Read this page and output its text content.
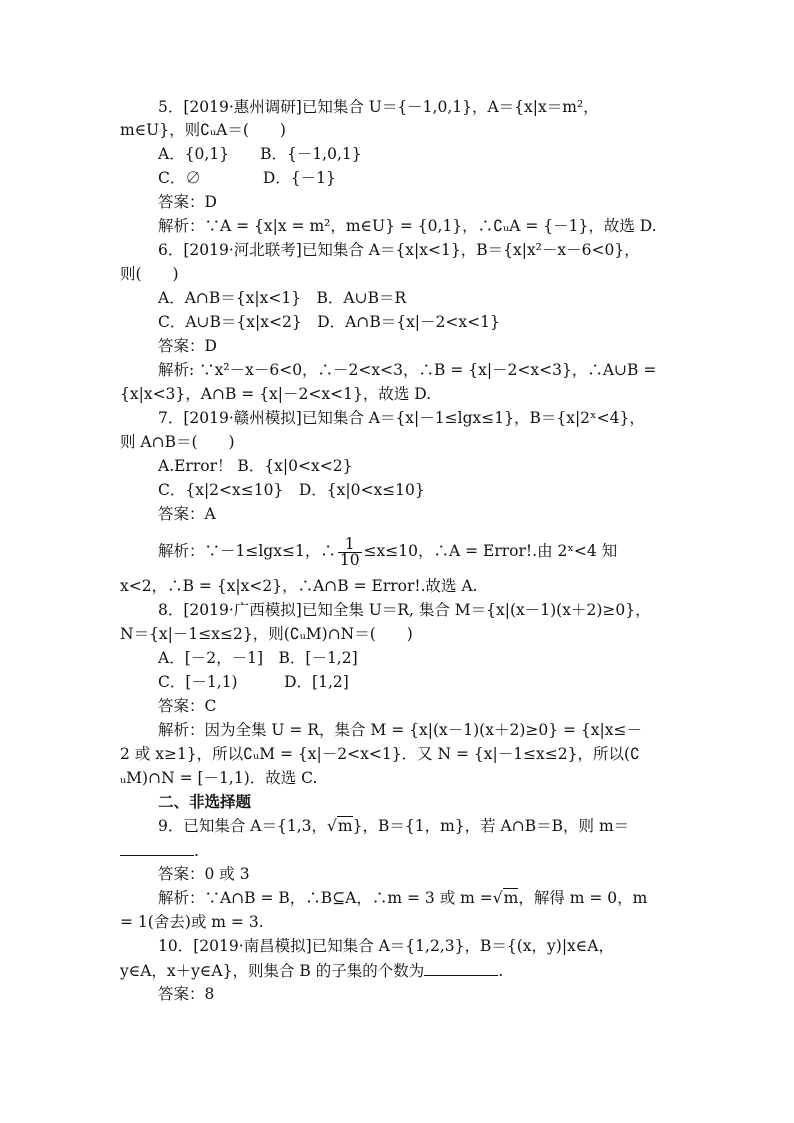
5．[2019·惠州调研]已知集合 U＝{－1,0,1}，A＝{x|x＝m²，
m∈U}，则∁ᵤA＝(　　)
A．{0,1}　　B．{－1,0,1}
C．∅　　　　D．{－1}
答案：D
解析：∵A = {x|x = m²，m∈U} = {0,1}，∴∁ᵤA = {－1}，故选 D.
6．[2019·河北联考]已知集合 A＝{x|x<1}，B＝{x|x²－x－6<0}，
则(　　)
A．A∩B＝{x|x<1}　B．A∪B＝R
C．A∪B＝{x|x<2}　D．A∩B＝{x|－2<x<1}
答案：D
解析: ∵x²－x－6<0，∴－2<x<3，∴B = {x|－2<x<3}，∴A∪B =
{x|x<3}，A∩B = {x|－2<x<1}，故选 D.
7．[2019·赣州模拟]已知集合 A＝{x|－1≤lgx≤1}，B＝{x|2ˣ<4}，
则 A∩B＝(　　)
A.Error！ B．{x|0<x<2}
C．{x|2<x≤10}　D．{x|0<x≤10}
答案：A
解析：∵－1≤lgx≤1，∴ $\frac{1}{10} \le x\le 10$，∴A = Error!.由 2ˣ<4 知
x<2，∴B = {x|x<2}，∴A∩B = Error!.故选 A.
8．[2019·广西模拟]已知全集 U＝R, 集合 M＝{x|(x－1)(x＋2)≥0}，
N＝{x|－1≤x≤2}，则(∁ᵤM)∩N＝(　　)
A．[－2，－1]　B．[－1,2]
C．[－1,1)　　　D．[1,2]
答案：C
解析：因为全集 U = R，集合 M = {x|(x－1)(x＋2)≥0} = {x|x≤－
2 或 x≥1}，所以∁ᵤM = {x|－2<x<1}．又 N = {x|－1≤x≤2}，所以(∁
ᵤM)∩N = [－1,1)．故选 C.
二、非选择题
9．已知集合 A＝{1,3，√m}，B＝{1，m}，若 A∩B＝B，则 m＝
.
答案：0 或 3
解析：∵A∩B = B，∴B⊆A，∴m = 3 或 m =√m，解得 m = 0，m
= 1(舍去)或 m = 3.
10．[2019·南昌模拟]已知集合 A＝{1,2,3}，B＝{(x，y)|x∈A，
y∈A，x＋y∈A}，则集合 B 的子集的个数为	.
答案：8
